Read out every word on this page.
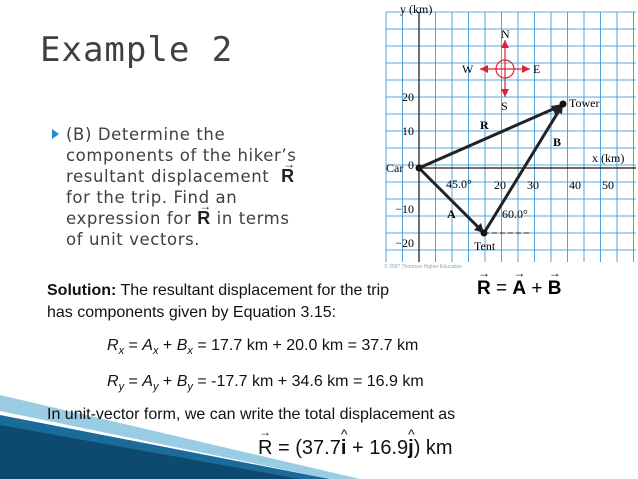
Example 2
(B) Determine the
components of the hiker’s
resultant displacement → R
for the trip. Find an
expression for → R in terms
of unit vectors.
y (km)
x (km)
20
10
0
−10
−20
20 30	40 50
N
S
W	E
Car
Tower
Tent
45.0°
60.0°
A
B
R
© 2007 Thomson Higher Education
Solution: The resultant displacement for the trip	→ R = → A + → B
has components given by Equation 3.15:
$R_x = A_x + B_x = 17.7$ km + 20.0 km = 37.7 km
$R_y = A_y + B_y = -17.7$ km + 34.6 km = 16.9 km
In unit-vector form, we can write the total displacement as
→ R = (37.7^ i + 16.9^ j) km
